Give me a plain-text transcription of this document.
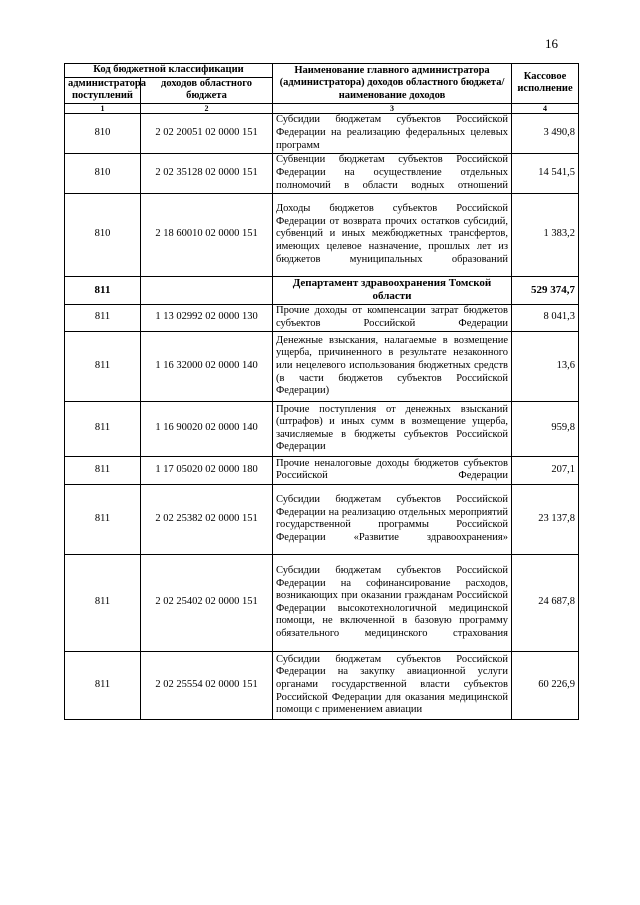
16
Код бюджетной классификации		Наименование главного администратора (администратора) доходов областного бюджета/ наименование доходов	Кассовое исполнение
администратора поступлений	доходов областного бюджета		
1	2	3	4
810	2 02 20051 02 0000 151	Субсидии бюджетам субъектов Российской Федерации на реализацию федеральных целевых программ	3 490,8
810	2 02 35128 02 0000 151	Субвенции бюджетам субъектов Российской Федерации на осуществление отдельных полномочий в области водных отношений	14 541,5
810	2 18 60010 02 0000 151	Доходы бюджетов субъектов Российской Федерации от возврата прочих остатков субсидий, субвенций и иных межбюджетных трансфертов, имеющих целевое назначение, прошлых лет из бюджетов муниципальных образований	1 383,2
811		Департамент здравоохранения Томской области	529 374,7
811	1 13 02992 02 0000 130	Прочие доходы от компенсации затрат бюджетов субъектов Российской Федерации	8 041,3
811	1 16 32000 02 0000 140	Денежные взыскания, налагаемые в возмещение ущерба, причиненного в результате незаконного или нецелевого использования бюджетных средств (в части бюджетов субъектов Российской Федерации)	13,6
811	1 16 90020 02 0000 140	Прочие поступления от денежных взысканий (штрафов) и иных сумм в возмещение ущерба, зачисляемые в бюджеты субъектов Российской Федерации	959,8
811	1 17 05020 02 0000 180	Прочие неналоговые доходы бюджетов субъектов Российской Федерации	207,1
811	2 02 25382 02 0000 151	Субсидии бюджетам субъектов Российской Федерации на реализацию отдельных мероприятий государственной программы Российской Федерации «Развитие здравоохранения»	23 137,8
811	2 02 25402 02 0000 151	Субсидии бюджетам субъектов Российской Федерации на софинансирование расходов, возникающих при оказании гражданам Российской Федерации высокотехнологичной медицинской помощи, не включенной в базовую программу обязательного медицинского страхования	24 687,8
811	2 02 25554 02 0000 151	Субсидии бюджетам субъектов Российской Федерации на закупку авиационной услуги органами государственной власти субъектов Российской Федерации для оказания медицинской помощи с применением авиации	60 226,9
